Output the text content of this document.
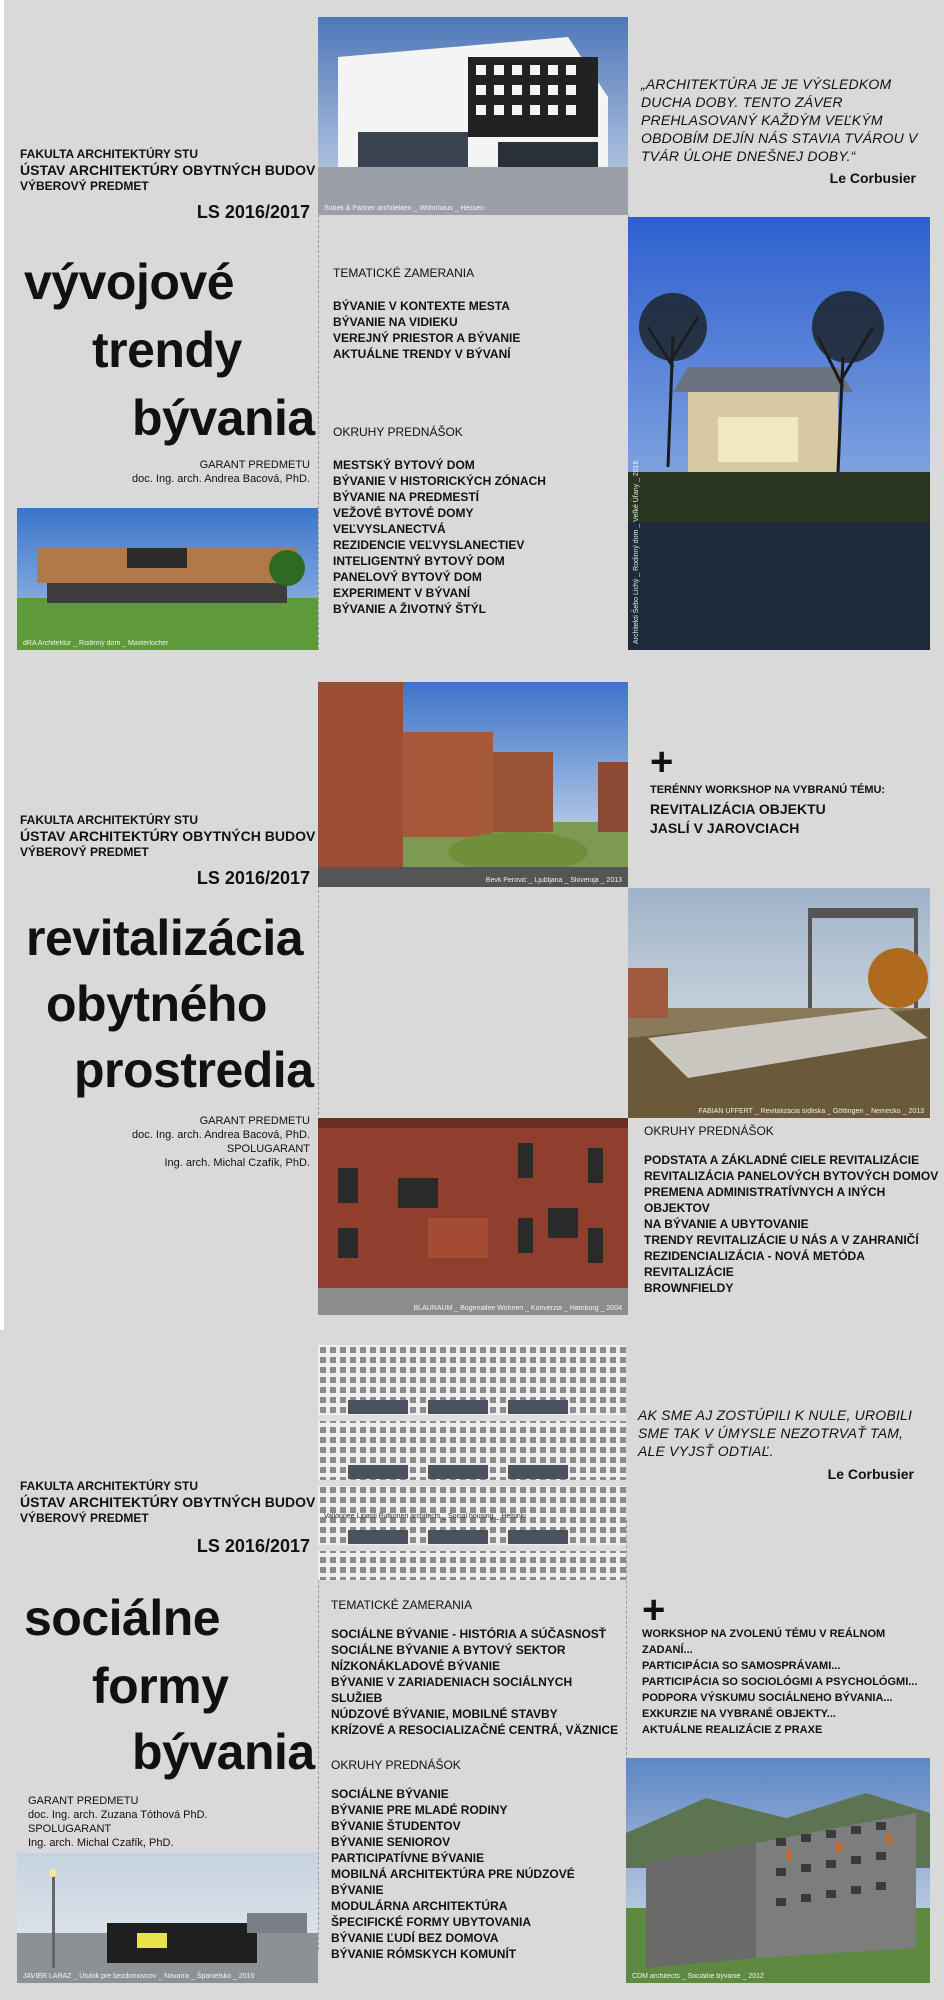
FAKULTA ARCHITEKTÚRY STU
ÚSTAV ARCHITEKTÚRY OBYTNÝCH BUDOV
VÝBEROVÝ PREDMET
LS 2016/2017
vývojové
trendy
bývania
GARANT PREDMETU
doc. Ing. arch. Andrea Bacová, PhD.
Sobek & Partner architekten _ Wohnhaus _ Hessen
„ARCHITEKTÚRA JE JE VÝSLEDKOM DUCHA DOBY. TENTO ZÁVER PREHLASOVANÝ KAŽDÝM VEĽKÝM OBDOBÍM DEJÍN NÁS STAVIA TVÁROU V TVÁR ÚLOHE DNEŠNEJ DOBY.“
Le Corbusier
TEMATICKÉ ZAMERANIA
BÝVANIE V KONTEXTE MESTA
BÝVANIE NA VIDIEKU
VEREJNÝ PRIESTOR A BÝVANIE
AKTUÁLNE TRENDY V BÝVANÍ
OKRUHY PREDNÁŠOK
MESTSKÝ BYTOVÝ DOM
BÝVANIE V HISTORICKÝCH ZÓNACH
BÝVANIE NA PREDMESTÍ
VEŽOVÉ BYTOVÉ DOMY
VEĽVYSLANECTVÁ
REZIDENCIE VEĽVYSLANECTIEV
INTELIGENTNÝ BYTOVÝ DOM
PANELOVÝ BYTOVÝ DOM
EXPERIMENT V BÝVANÍ
BÝVANIE A ŽIVOTNÝ ŠTÝL	Architekti Šebo Lichý _ Rodinný dom _ Veľké Úľany _ 2016
dRA Architektúr _ Rodinný dom _ Masterlocher
FAKULTA ARCHITEKTÚRY STU
ÚSTAV ARCHITEKTÚRY OBYTNÝCH BUDOV
VÝBEROVÝ PREDMET
LS 2016/2017
revitalizácia
obytného
prostredia
GARANT PREDMETU
doc. Ing. arch. Andrea Bacová, PhD.
SPOLUGARANT
Ing. arch. Michal Czafík, PhD.
Bevk Perović _ Ljubljana _ Slovenija _ 2013
+
TERÉNNY WORKSHOP NA VYBRANÚ TÉMU:
REVITALIZÁCIA OBJEKTU
JASLÍ V JAROVCIACH
FABIAN UFFERT _ Revitalizácia sídliska _ Göttingen _ Nemecko _ 2013
BLAURAUM _ Bogenallee Wohnen _ Konverzia _ Hamburg _ 2004
OKRUHY PREDNÁŠOK
PODSTATA A ZÁKLADNÉ CIELE REVITALIZÁCIE
REVITALIZÁCIA PANELOVÝCH BYTOVÝCH DOMOV
PREMENA ADMINISTRATÍVNYCH A INÝCH OBJEKTOV
NA BÝVANIE A UBYTOVANIE
TRENDY REVITALIZÁCIE U NÁS A V ZAHRANIČÍ
REZIDENCIALIZÁCIA - NOVÁ METÓDA REVITALIZÁCIE
BROWNFIELDY
FAKULTA ARCHITEKTÚRY STU
ÚSTAV ARCHITEKTÚRY OBYTNÝCH BUDOV
VÝBEROVÝ PREDMET
LS 2016/2017
sociálne
formy
bývania
GARANT PREDMETU
doc. Ing. arch. Zuzana Tóthová PhD.
SPOLUGARANT
Ing. arch. Michal Czafík, PhD.
Vallonnee Lipasti Putkonen architects _ Social housing _ Helsinki
AK SME AJ ZOSTÚPILI K NULE, UROBILI SME TAK V ÚMYSLE NEZOTRVAŤ TAM, ALE VYJSŤ ODTIAĽ.
Le Corbusier
TEMATICKÉ ZAMERANIA
SOCIÁLNE BÝVANIE - HISTÓRIA A SÚČASNOSŤ
SOCIÁLNE BÝVANIE A BYTOVÝ SEKTOR
NÍZKONÁKLADOVÉ BÝVANIE
BÝVANIE V ZARIADENIACH SOCIÁLNYCH SLUŽIEB
NÚDZOVÉ BÝVANIE, MOBILNÉ STAVBY
KRÍZOVÉ A RESOCIALIZAČNÉ CENTRÁ, VÄZNICE
+
WORKSHOP NA ZVOLENÚ TÉMU V REÁLNOM ZADANÍ...
PARTICIPÁCIA SO SAMOSPRÁVAMI...
PARTICIPÁCIA SO SOCIOLÓGMI A PSYCHOLÓGMI...
PODPORA VÝSKUMU SOCIÁLNEHO BÝVANIA...
EXKURZIE NA VYBRANÉ OBJEKTY...
AKTUÁLNE REALIZÁCIE Z PRAXE
OKRUHY PREDNÁŠOK
SOCIÁLNE BÝVANIE
BÝVANIE PRE MLADÉ RODINY
BÝVANIE ŠTUDENTOV
BÝVANIE SENIOROV
PARTICIPATÍVNE BÝVANIE
MOBILNÁ ARCHITEKTÚRA PRE NÚDZOVÉ BÝVANIE
MODULÁRNA ARCHITEKTÚRA
ŠPECIFICKÉ FORMY UBYTOVANIA
BÝVANIE ĽUDÍ BEZ DOMOVA
BÝVANIE RÓMSKYCH KOMUNÍT
JAVIER LARAZ _ Útulok pre bezdomovcov _ Navarra _ Španielsko _ 2010	CDM architects _ Sociálne bývanie _ 2012
